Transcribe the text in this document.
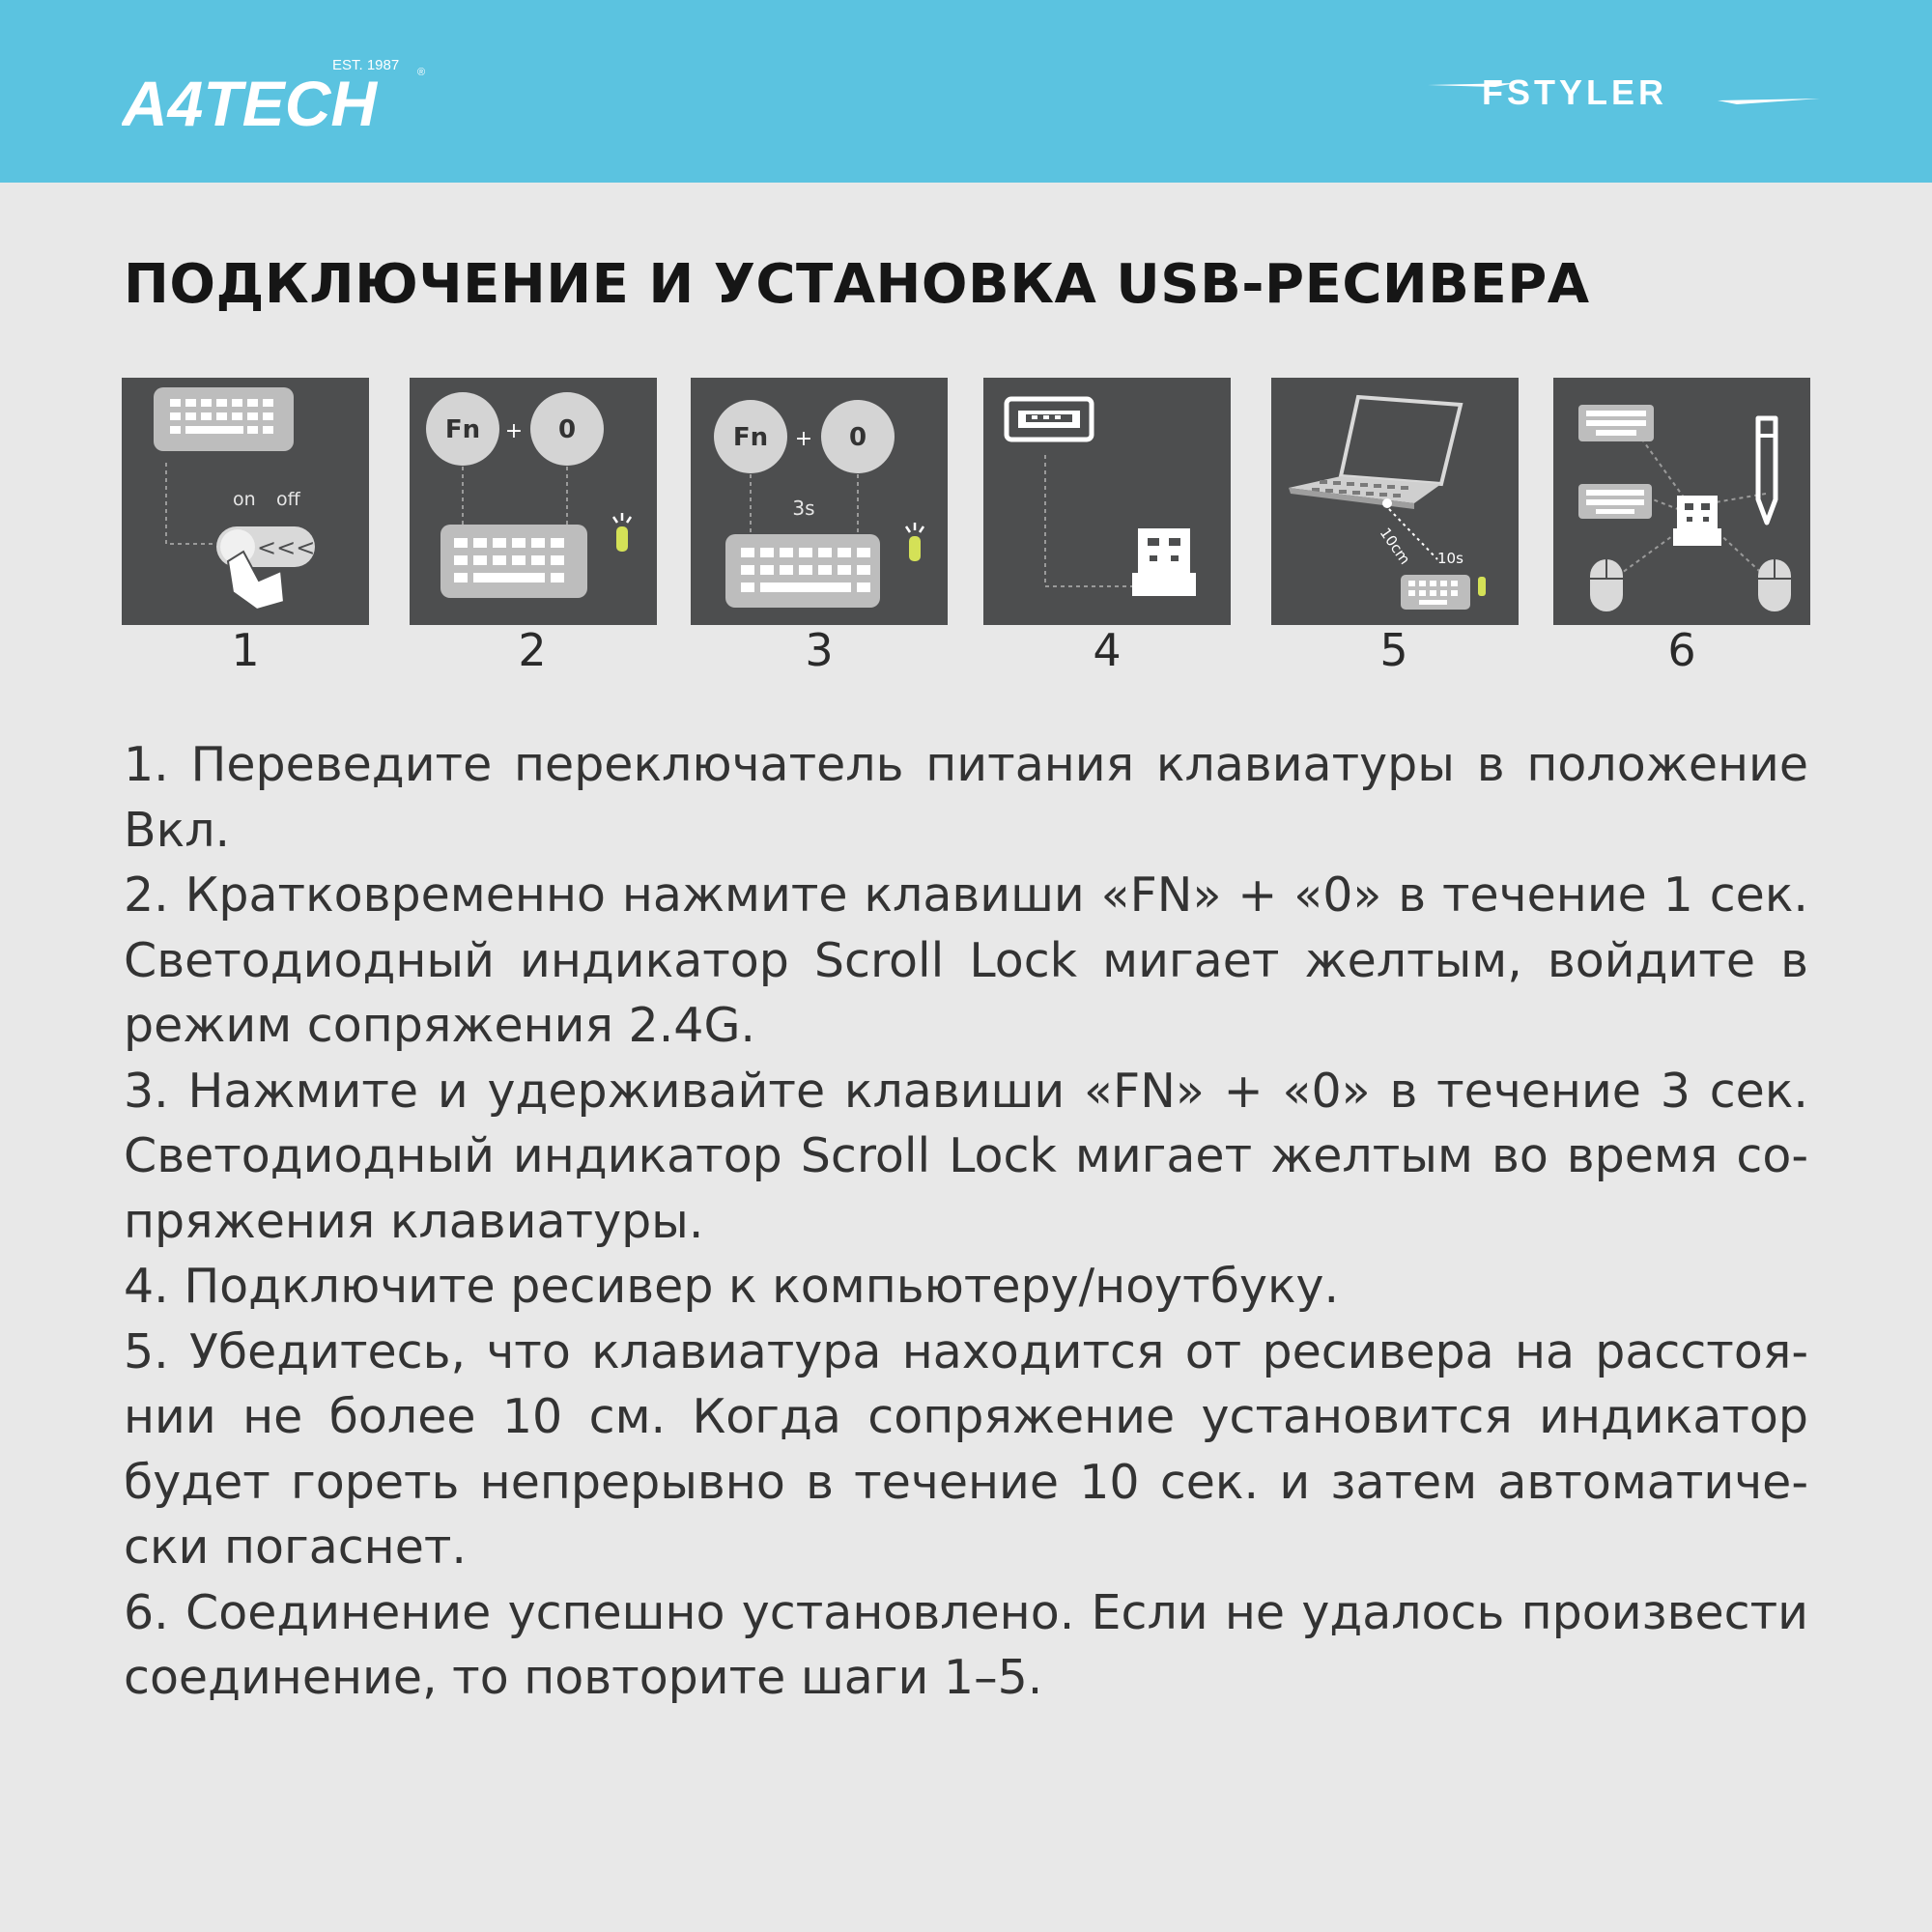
EST. 1987 ®
A4TECH	FSTYLER
ПОДКЛЮЧЕНИЕ И УСТАНОВКА USB-РЕСИВЕРА
on off
<<<
1
Fn + 0
2
Fn + 0
3s
3	4
10cm 10s
5	6

1. Переведите переключатель питания клавиатуры в положение Вкл.

2. Кратковременно нажмите клавиши «FN» + «0» в течение 1 сек. Светодиодный индикатор Scroll Lock мигает желтым, войдите в режим сопряжения 2.4G.

3. Нажмите и удерживайте клавиши «FN» + «0» в течение 3 сек. Светодиодный индикатор Scroll Lock мигает желтым во время сопряжения клавиатуры.

4. Подключите ресивер к компьютеру/ноутбуку.

5. Убедитесь, что клавиатура находится от ресивера на расстоянии не более 10 см. Когда сопряжение установится индикатор будет гореть непрерывно в течение 10 сек. и затем автоматически погаснет.

6. Соединение успешно установлено. Если не удалось произвести соединение, то повторите шаги 1–5.
